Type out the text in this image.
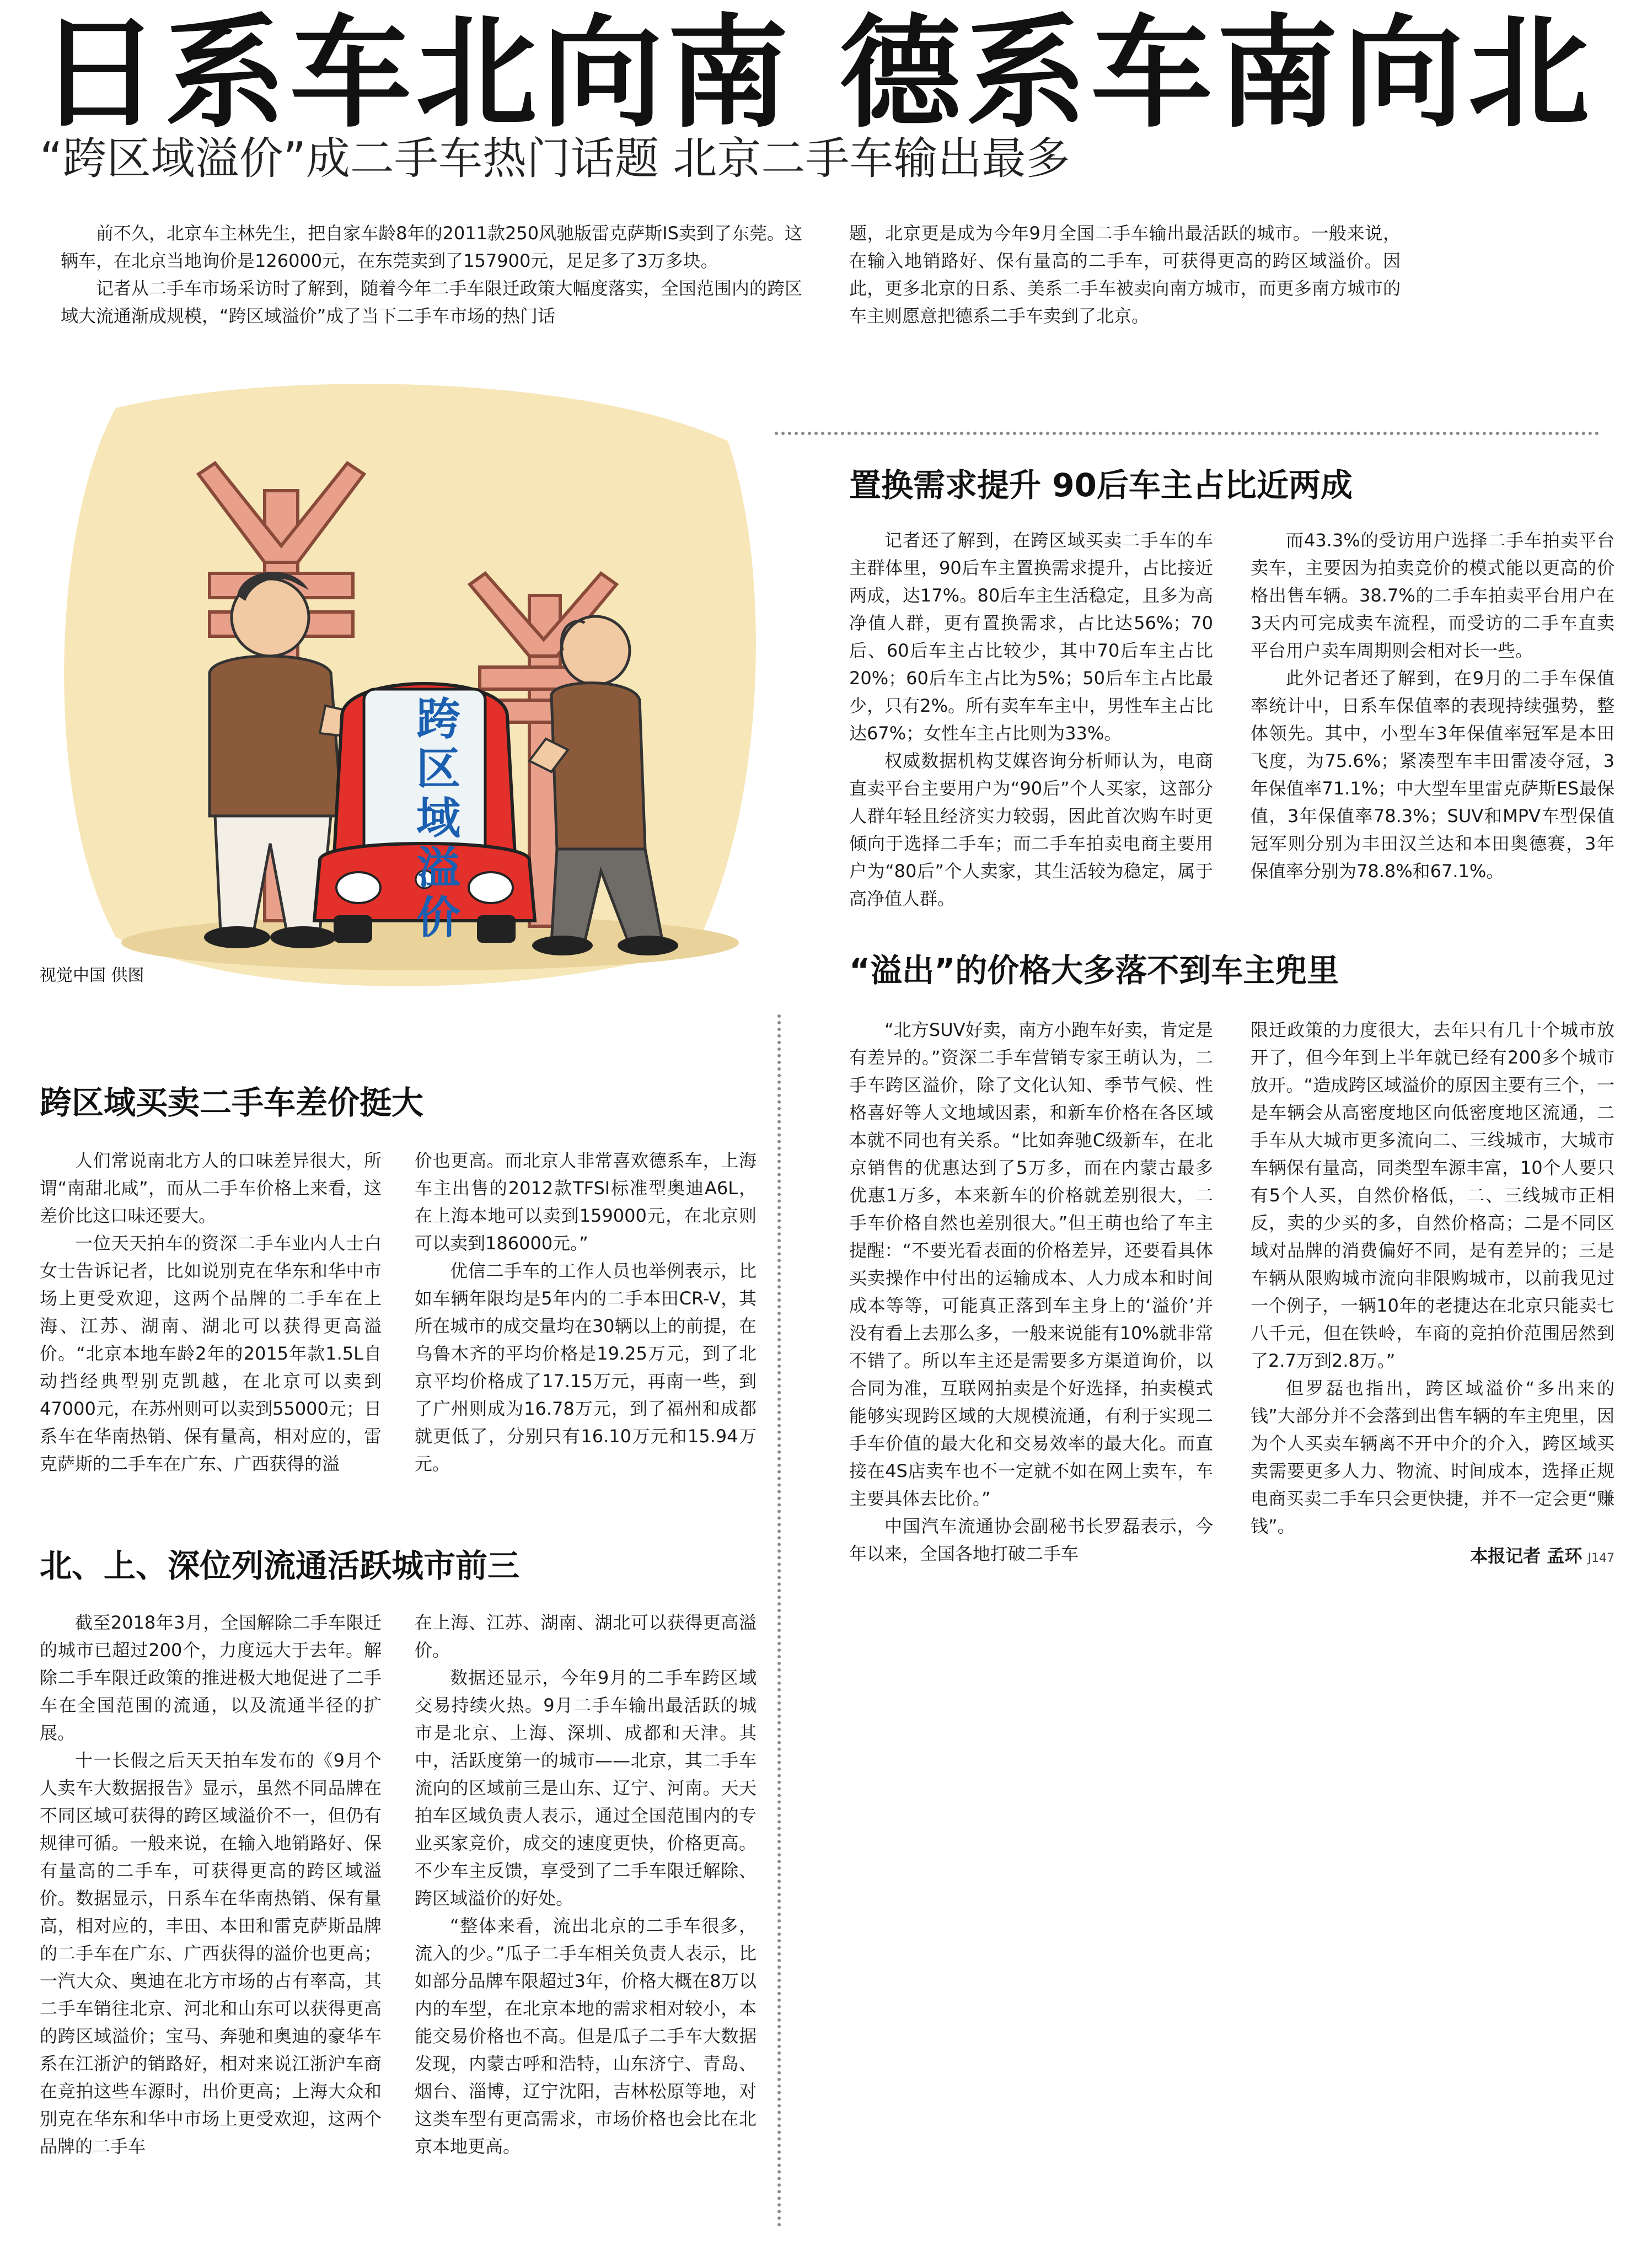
日系车北向南 德系车南向北
“跨区域溢价”成二手车热门话题 北京二手车输出最多

前不久，北京车主林先生，把自家车龄8年的2011款250风驰版雷克萨斯IS卖到了东莞。这辆车，在北京当地询价是126000元，在东莞卖到了157900元，足足多了3万多块。

记者从二手车市场采访时了解到，随着今年二手车限迁政策大幅度落实，全国范围内的跨区域大流通渐成规模，“跨区域溢价”成了当下二手车市场的热门话

题，北京更是成为今年9月全国二手车输出最活跃的城市。一般来说，在输入地销路好、保有量高的二手车，可获得更高的跨区域溢价。因此，更多北京的日系、美系二手车被卖向南方城市，而更多南方城市的车主则愿意把德系二手车卖到了北京。

跨区域溢价
视觉中国 供图
跨区域买卖二手车差价挺大

人们常说南北方人的口味差异很大，所谓“南甜北咸”，而从二手车价格上来看，这差价比这口味还要大。

一位天天拍车的资深二手车业内人士白女士告诉记者，比如说别克在华东和华中市场上更受欢迎，这两个品牌的二手车在上海、江苏、湖南、湖北可以获得更高溢价。“北京本地车龄2年的2015年款1.5L自动挡经典型别克凯越，在北京可以卖到47000元，在苏州则可以卖到55000元；日系车在华南热销、保有量高，相对应的，雷克萨斯的二手车在广东、广西获得的溢

价也更高。而北京人非常喜欢德系车，上海车主出售的2012款TFSI标准型奥迪A6L，在上海本地可以卖到159000元，在北京则可以卖到186000元。”

优信二手车的工作人员也举例表示，比如车辆年限均是5年内的二手本田CR-V，其所在城市的成交量均在30辆以上的前提，在乌鲁木齐的平均价格是19.25万元，到了北京平均价格成了17.15万元，再南一些，到了广州则成为16.78万元，到了福州和成都就更低了，分别只有16.10万元和15.94万元。

北、上、深位列流通活跃城市前三

截至2018年3月，全国解除二手车限迁的城市已超过200个，力度远大于去年。解除二手车限迁政策的推进极大地促进了二手车在全国范围的流通，以及流通半径的扩展。

十一长假之后天天拍车发布的《9月个人卖车大数据报告》显示，虽然不同品牌在不同区域可获得的跨区域溢价不一，但仍有规律可循。一般来说，在输入地销路好、保有量高的二手车，可获得更高的跨区域溢价。数据显示，日系车在华南热销、保有量高，相对应的，丰田、本田和雷克萨斯品牌的二手车在广东、广西获得的溢价也更高；一汽大众、奥迪在北方市场的占有率高，其二手车销往北京、河北和山东可以获得更高的跨区域溢价；宝马、奔驰和奥迪的豪华车系在江浙沪的销路好，相对来说江浙沪车商在竞拍这些车源时，出价更高；上海大众和别克在华东和华中市场上更受欢迎，这两个品牌的二手车

在上海、江苏、湖南、湖北可以获得更高溢价。

数据还显示，今年9月的二手车跨区域交易持续火热。9月二手车输出最活跃的城市是北京、上海、深圳、成都和天津。其中，活跃度第一的城市——北京，其二手车流向的区域前三是山东、辽宁、河南。天天拍车区域负责人表示，通过全国范围内的专业买家竞价，成交的速度更快，价格更高。不少车主反馈，享受到了二手车限迁解除、跨区域溢价的好处。

“整体来看，流出北京的二手车很多，流入的少。”瓜子二手车相关负责人表示，比如部分品牌车限超过3年，价格大概在8万以内的车型，在北京本地的需求相对较小，本能交易价格也不高。但是瓜子二手车大数据发现，内蒙古呼和浩特，山东济宁、青岛、烟台、淄博，辽宁沈阳，吉林松原等地，对这类车型有更高需求，市场价格也会比在北京本地更高。

置换需求提升 90后车主占比近两成

记者还了解到，在跨区域买卖二手车的车主群体里，90后车主置换需求提升，占比接近两成，达17%。80后车主生活稳定，且多为高净值人群，更有置换需求，占比达56%；70后、60后车主占比较少，其中70后车主占比20%；60后车主占比为5%；50后车主占比最少，只有2%。所有卖车车主中，男性车主占比达67%；女性车主占比则为33%。

权威数据机构艾媒咨询分析师认为，电商直卖平台主要用户为“90后”个人买家，这部分人群年轻且经济实力较弱，因此首次购车时更倾向于选择二手车；而二手车拍卖电商主要用户为“80后”个人卖家，其生活较为稳定，属于高净值人群。

而43.3%的受访用户选择二手车拍卖平台卖车，主要因为拍卖竞价的模式能以更高的价格出售车辆。38.7%的二手车拍卖平台用户在3天内可完成卖车流程，而受访的二手车直卖平台用户卖车周期则会相对长一些。

此外记者还了解到，在9月的二手车保值率统计中，日系车保值率的表现持续强势，整体领先。其中，小型车3年保值率冠军是本田飞度，为75.6%；紧凑型车丰田雷凌夺冠，3年保值率71.1%；中大型车里雷克萨斯ES最保值，3年保值率78.3%；SUV和MPV车型保值冠军则分别为丰田汉兰达和本田奥德赛，3年保值率分别为78.8%和67.1%。

“溢出”的价格大多落不到车主兜里

“北方SUV好卖，南方小跑车好卖，肯定是有差异的。”资深二手车营销专家王萌认为，二手车跨区溢价，除了文化认知、季节气候、性格喜好等人文地域因素，和新车价格在各区域本就不同也有关系。“比如奔驰C级新车，在北京销售的优惠达到了5万多，而在内蒙古最多优惠1万多，本来新车的价格就差别很大，二手车价格自然也差别很大。”但王萌也给了车主提醒：“不要光看表面的价格差异，还要看具体买卖操作中付出的运输成本、人力成本和时间成本等等，可能真正落到车主身上的‘溢价’并没有看上去那么多，一般来说能有10%就非常不错了。所以车主还是需要多方渠道询价，以合同为准，互联网拍卖是个好选择，拍卖模式能够实现跨区域的大规模流通，有利于实现二手车价值的最大化和交易效率的最大化。而直接在4S店卖车也不一定就不如在网上卖车，车主要具体去比价。”

中国汽车流通协会副秘书长罗磊表示，今年以来，全国各地打破二手车

限迁政策的力度很大，去年只有几十个城市放开了，但今年到上半年就已经有200多个城市放开。“造成跨区域溢价的原因主要有三个，一是车辆会从高密度地区向低密度地区流通，二手车从大城市更多流向二、三线城市，大城市车辆保有量高，同类型车源丰富，10个人要只有5个人买，自然价格低，二、三线城市正相反，卖的少买的多，自然价格高；二是不同区域对品牌的消费偏好不同，是有差异的；三是车辆从限购城市流向非限购城市，以前我见过一个例子，一辆10年的老捷达在北京只能卖七八千元，但在铁岭，车商的竞拍价范围居然到了2.7万到2.8万。”

但罗磊也指出，跨区域溢价“多出来的钱”大部分并不会落到出售车辆的车主兜里，因为个人买卖车辆离不开中介的介入，跨区域买卖需要更多人力、物流、时间成本，选择正规电商买卖二手车只会更快捷，并不一定会更“赚钱”。

本报记者 孟环 J147
